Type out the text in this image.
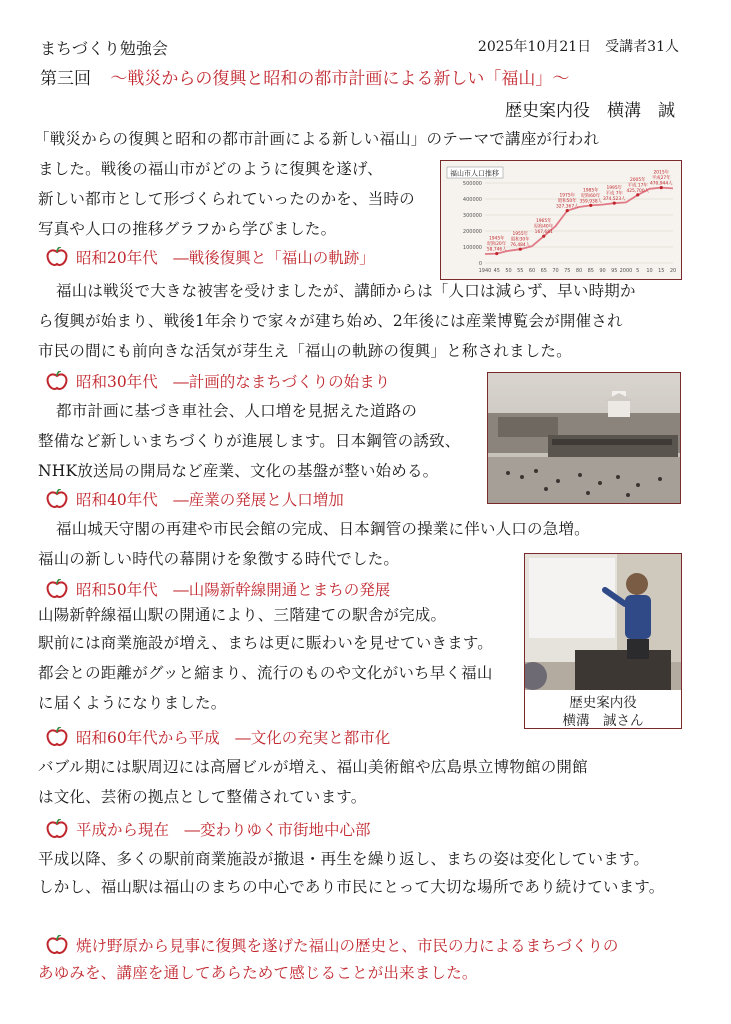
まちづくり勉強会	2025年10月21日　受講者31人
第三回 ～戦災からの復興と昭和の都市計画による新しい「福山」～
歴史案内役　横溝　誠
「戦災からの復興と昭和の都市計画による新しい福山」のテーマで講座が行われ
ました。戦後の福山市がどのように復興を遂げ、
新しい都市として形づくられていったのかを、当時の
写真や人口の推移グラフから学びました。
福山市人口推移
0
100000
200000
300000
400000
500000
1940 45 50 55 60 65 70 75 80 85 90 95 2000 5 10 15 20
1945年
昭和20年
58,746人
1955年
昭和30年
76,484人
1965年
昭和40年
167,681
1975年
昭和50年
327,367人
1985年
昭和60年
359,938人
1995年
平成 7年
374,523人
2005年
平成 17年
425,700人
2015年
平成27年
470,944人
昭和20年代　―戦後復興と「福山の軌跡」
福山は戦災で大きな被害を受けましたが、講師からは「人口は減らず、早い時期か
ら復興が始まり、戦後1年余りで家々が建ち始め、2年後には産業博覧会が開催され
市民の間にも前向きな活気が芽生え「福山の軌跡の復興」と称されました。
昭和30年代　―計画的なまちづくりの始まり
都市計画に基づき車社会、人口増を見据えた道路の
整備など新しいまちづくりが進展します。日本鋼管の誘致、
NHK放送局の開局など産業、文化の基盤が整い始める。
昭和40年代　―産業の発展と人口増加
福山城天守閣の再建や市民会館の完成、日本鋼管の操業に伴い人口の急増。
福山の新しい時代の幕開けを象徴する時代でした。
昭和50年代　―山陽新幹線開通とまちの発展
山陽新幹線福山駅の開通により、三階建ての駅舎が完成。
駅前には商業施設が増え、まちは更に賑わいを見せていきます。
都会との距離がグッと縮まり、流行のものや文化がいち早く福山
に届くようになりました。	歴史案内役
横溝　誠さん
昭和60年代から平成　―文化の充実と都市化
バブル期には駅周辺には高層ビルが増え、福山美術館や広島県立博物館の開館
は文化、芸術の拠点として整備されています。
平成から現在　―変わりゆく市街地中心部
平成以降、多くの駅前商業施設が撤退・再生を繰り返し、まちの姿は変化しています。
しかし、福山駅は福山のまちの中心であり市民にとって大切な場所であり続けています。
焼け野原から見事に復興を遂げた福山の歴史と、市民の力によるまちづくりの
あゆみを、講座を通してあらためて感じることが出来ました。
